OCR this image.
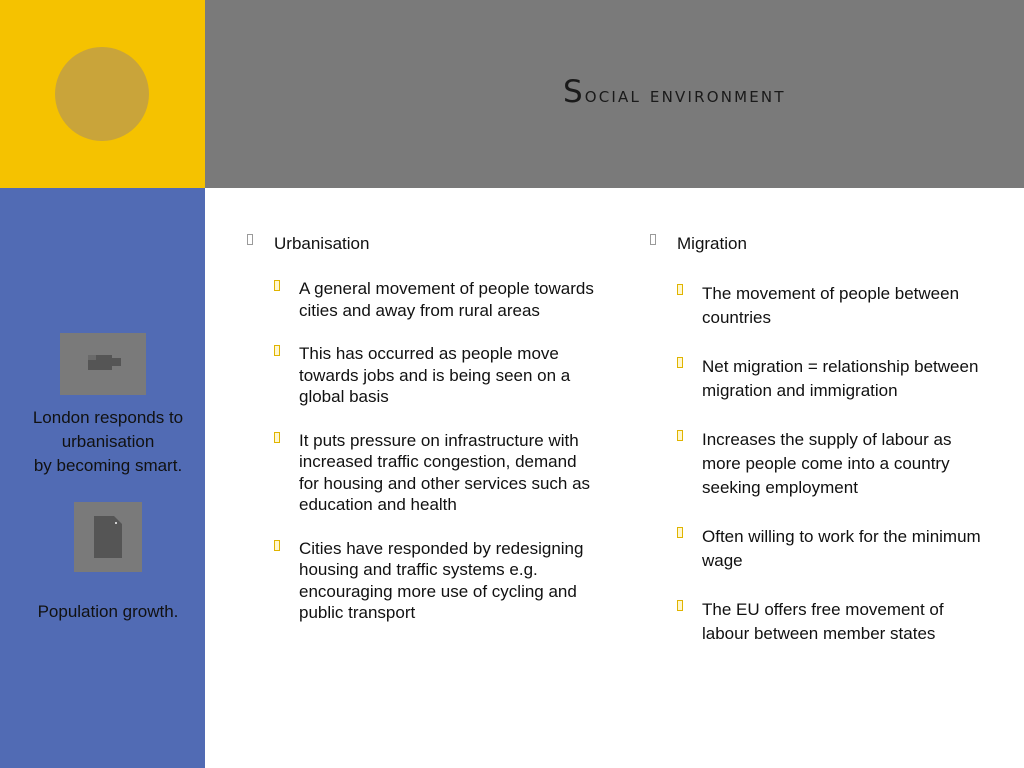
Social environment
London responds to urbanisation
by becoming smart.
Population growth.
Urbanisation
A general movement of people towards cities and away from rural areas
This has occurred as people move towards jobs and is being seen on a global basis
It puts pressure on infrastructure with increased traffic congestion, demand for housing and other services such as education and health
Cities have responded by redesigning housing and traffic systems e.g. encouraging more use of cycling and public transport
Migration
The movement of people between countries
Net migration = relationship between migration and immigration
Increases the supply of labour as more people come into a country seeking employment
Often willing to work for the minimum wage
The EU offers free movement of labour between member states
